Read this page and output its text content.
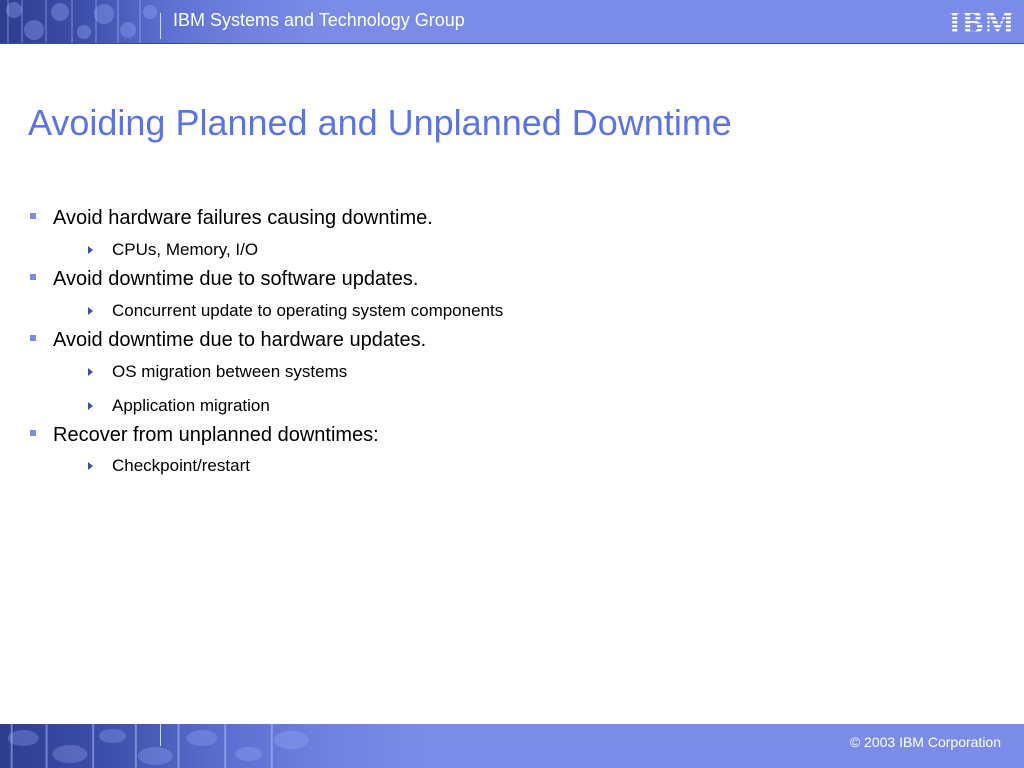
IBM Systems and Technology Group	IBM
Avoiding Planned and Unplanned Downtime
Avoid hardware failures causing downtime.
CPUs, Memory, I/O
Avoid downtime due to software updates.
Concurrent update to operating system components
Avoid downtime due to hardware updates.
OS migration between systems
Application migration
Recover from unplanned downtimes:
Checkpoint/restart
© 2003 IBM Corporation
